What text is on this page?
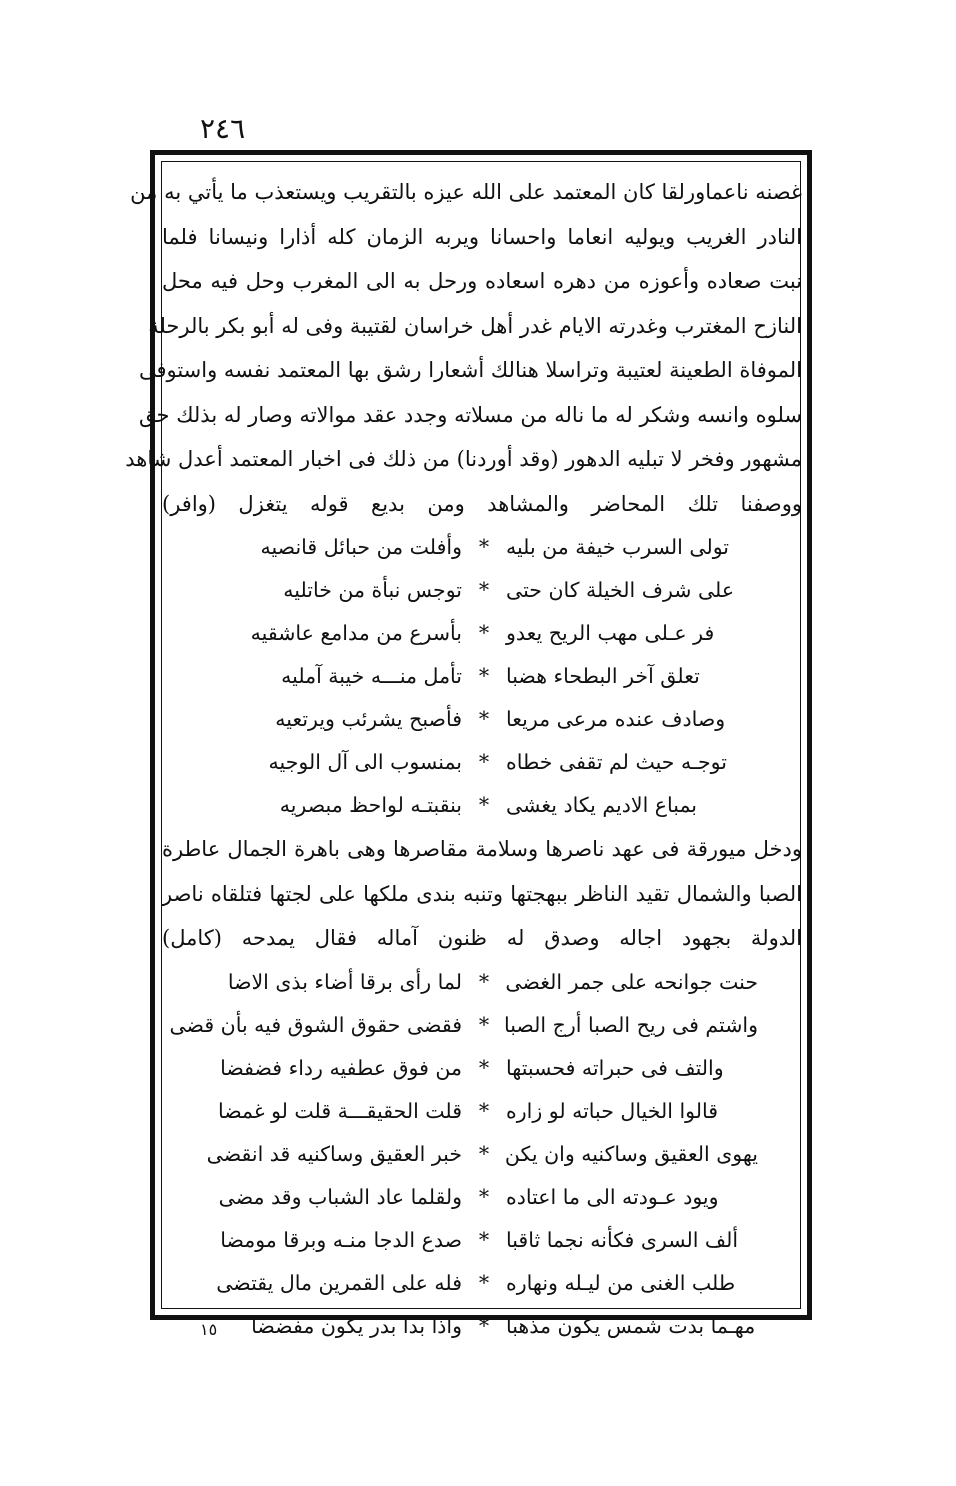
٢٤٦
غصنه ناعماورلقا كان المعتمد على الله عيزه بالتقريب ويستعذب ما يأتي به من
النادر الغريب ويوليه انعاما واحسانا ويربه الزمان كله أذارا ونيسانا فلما
نبت صعاده وأعوزه من دهره اسعاده ورحل به الى المغرب وحل فيه محل
النازح المغترب وغدرته الايام غدر أهل خراسان لقتيبة وفى له أبو بكر بالرحلة
الموفاة الطعينة لعتيبة وتراسلا هنالك أشعارا رشق بها المعتمد نفسه واستوفى
سلوه وانسه وشكر له ما ناله من مسلاته وجدد عقد موالاته وصار له بذلك حق
مشهور وفخر لا تبليه الدهور (وقد أوردنا) من ذلك فى اخبار المعتمد أعدل شاهد
ووصفنا تلك المحاضر والمشاهد ومن بديع قوله يتغزل (وافر)
تولى السرب خيفة من بليه
*
وأفلت من حبائل قانصيه
على شرف الخيلة كان حتى
*
توجس نبأة من خاتليه
فر عـلى مهب الريح يعدو
*
بأسرع من مدامع عاشقيه
تعلق آخر البطحاء هضبا
*
تأمل منـــه خيبة آمليه
وصادف عنده مرعى مريعا
*
فأصبح يشرئب ويرتعيه
توجـه حيث لم تقفى خطاه
*
بمنسوب الى آل الوجيه
بمباع الاديم يكاد يغشى
*
بنقبتـه لواحظ مبصريه
ودخل ميورقة فى عهد ناصرها وسلامة مقاصرها وهى باهرة الجمال عاطرة
الصبا والشمال تقيد الناظر ببهجتها وتنبه بندى ملكها على لجتها فتلقاه ناصر
الدولة بجهود اجاله وصدق له ظنون آماله فقال يمدحه (كامل)
حنت جوانحه على جمر الغضى
*
لما رأى برقا أضاء بذى الاضا
واشتم فى ريح الصبا أرج الصبا
*
فقضى حقوق الشوق فيه بأن قضى
والتف فى حبراته فحسبتها
*
من فوق عطفيه رداء فضفضا
قالوا الخيال حباته لو زاره
*
قلت الحقيقـــة قلت لو غمضا
يهوى العقيق وساكنيه وان يكن
*
خبر العقيق وساكنيه قد انقضى
ويود عـودته الى ما اعتاده
*
ولقلما عاد الشباب وقد مضى
ألف السرى فكأنه نجما ثاقبا
*
صدع الدجا منـه وبرقا مومضا
طلب الغنى من ليـله ونهاره
*
فله على القمرين مال يقتضى
مهـما بدت شمس يكون مذهبا
*
واذا بدا بدر يكون مفضضا
١٥
